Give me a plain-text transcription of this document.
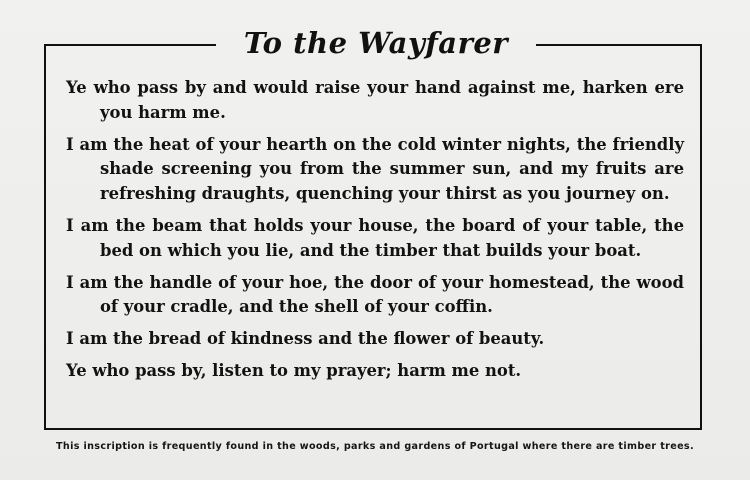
To the Wayfarer

Ye who pass by and would raise your hand against me, harken ere you harm me.

I am the heat of your hearth on the cold winter nights, the friendly shade screening you from the summer sun, and my fruits are refreshing draughts, quenching your thirst as you journey on.

I am the beam that holds your house, the board of your table, the bed on which you lie, and the timber that builds your boat.

I am the handle of your hoe, the door of your homestead, the wood of your cradle, and the shell of your coffin.

I am the bread of kindness and the flower of beauty.

Ye who pass by, listen to my prayer; harm me not.

This inscription is frequently found in the woods, parks and gardens of Portugal where there are timber trees.
